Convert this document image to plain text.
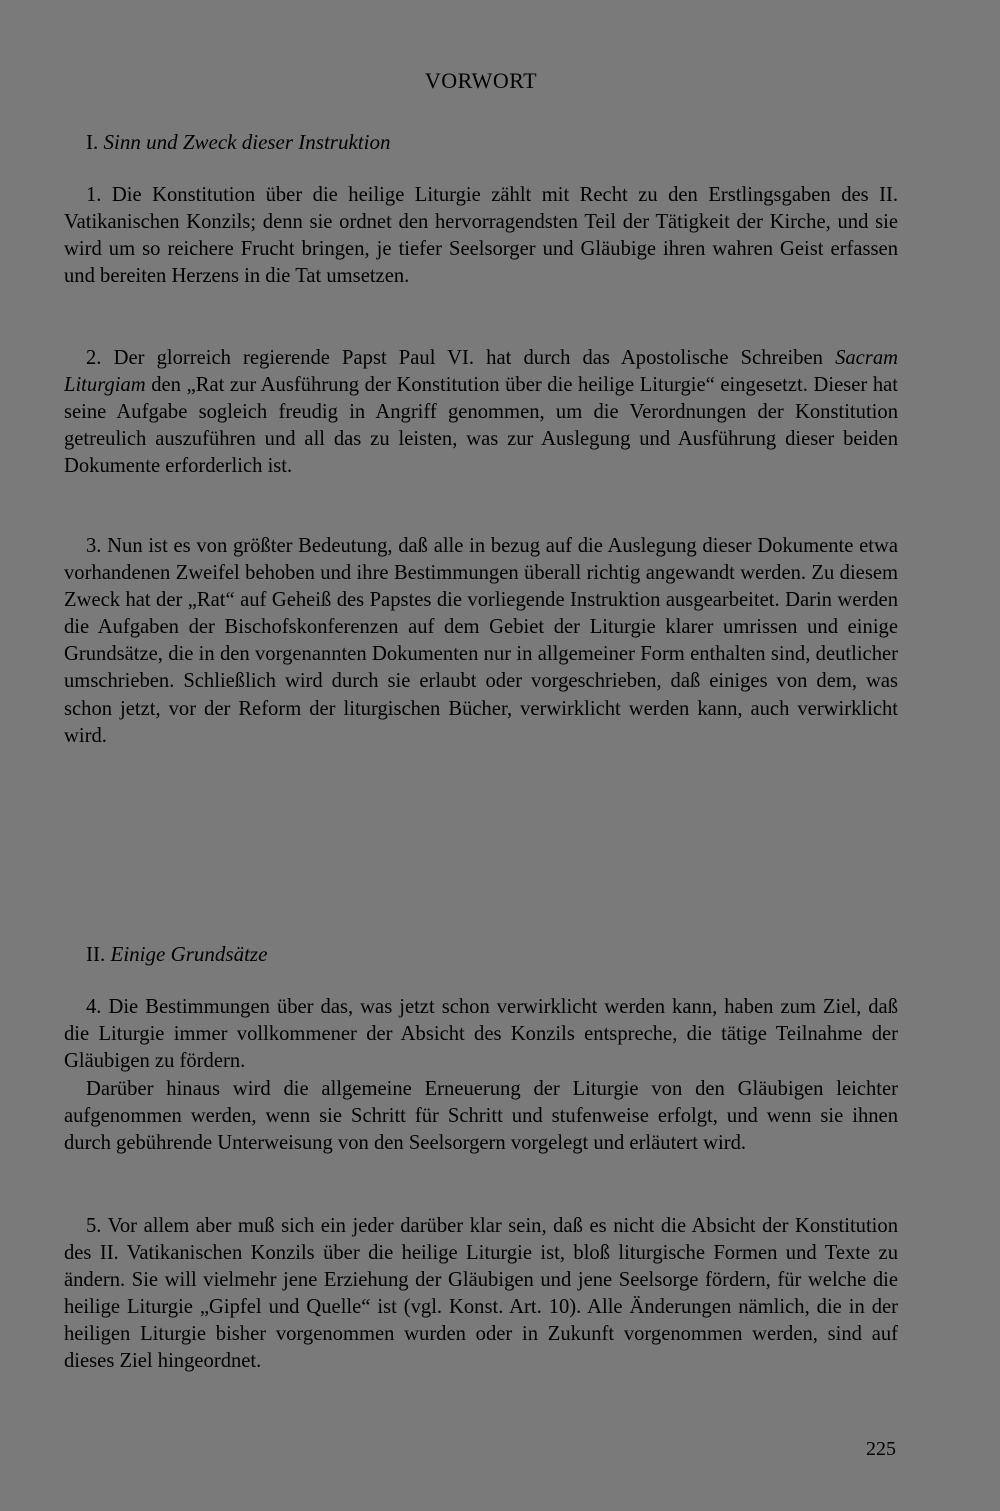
VORWORT
I. Sinn und Zweck dieser Instruktion

1. Die Konstitution über die heilige Liturgie zählt mit Recht zu den Erstlingsgaben des II. Vatikanischen Konzils; denn sie ordnet den hervorragendsten Teil der Tätigkeit der Kirche, und sie wird um so reichere Frucht bringen, je tiefer Seelsorger und Gläubige ihren wahren Geist erfassen und bereiten Herzens in die Tat umsetzen.

2. Der glorreich regierende Papst Paul VI. hat durch das Apostolische Schreiben Sacram Liturgiam den „Rat zur Ausführung der Konstitution über die heilige Liturgie“ eingesetzt. Dieser hat seine Aufgabe sogleich freudig in Angriff genommen, um die Verordnungen der Konstitution getreulich auszuführen und all das zu leisten, was zur Auslegung und Ausführung dieser beiden Dokumente erforderlich ist.

3. Nun ist es von größter Bedeutung, daß alle in bezug auf die Auslegung dieser Dokumente etwa vorhandenen Zweifel behoben und ihre Bestimmungen überall richtig angewandt werden. Zu diesem Zweck hat der „Rat“ auf Geheiß des Papstes die vorliegende Instruktion ausgearbeitet. Darin werden die Aufgaben der Bischofskonferenzen auf dem Gebiet der Liturgie klarer umrissen und einige Grundsätze, die in den vorgenannten Dokumenten nur in allgemeiner Form enthalten sind, deutlicher umschrieben. Schließlich wird durch sie erlaubt oder vorgeschrieben, daß einiges von dem, was schon jetzt, vor der Reform der liturgischen Bücher, verwirklicht werden kann, auch verwirklicht wird.

II. Einige Grundsätze

4. Die Bestimmungen über das, was jetzt schon verwirklicht werden kann, haben zum Ziel, daß die Liturgie immer vollkommener der Absicht des Konzils entspreche, die tätige Teilnahme der Gläubigen zu fördern.

Darüber hinaus wird die allgemeine Erneuerung der Liturgie von den Gläubigen leichter aufgenommen werden, wenn sie Schritt für Schritt und stufenweise erfolgt, und wenn sie ihnen durch gebührende Unterweisung von den Seelsorgern vorgelegt und erläutert wird.

5. Vor allem aber muß sich ein jeder darüber klar sein, daß es nicht die Absicht der Konstitution des II. Vatikanischen Konzils über die heilige Liturgie ist, bloß liturgische Formen und Texte zu ändern. Sie will vielmehr jene Erziehung der Gläubigen und jene Seelsorge fördern, für welche die heilige Liturgie „Gipfel und Quelle“ ist (vgl. Konst. Art. 10). Alle Änderungen nämlich, die in der heiligen Liturgie bisher vorgenommen wurden oder in Zukunft vorgenommen werden, sind auf dieses Ziel hingeordnet.

225
